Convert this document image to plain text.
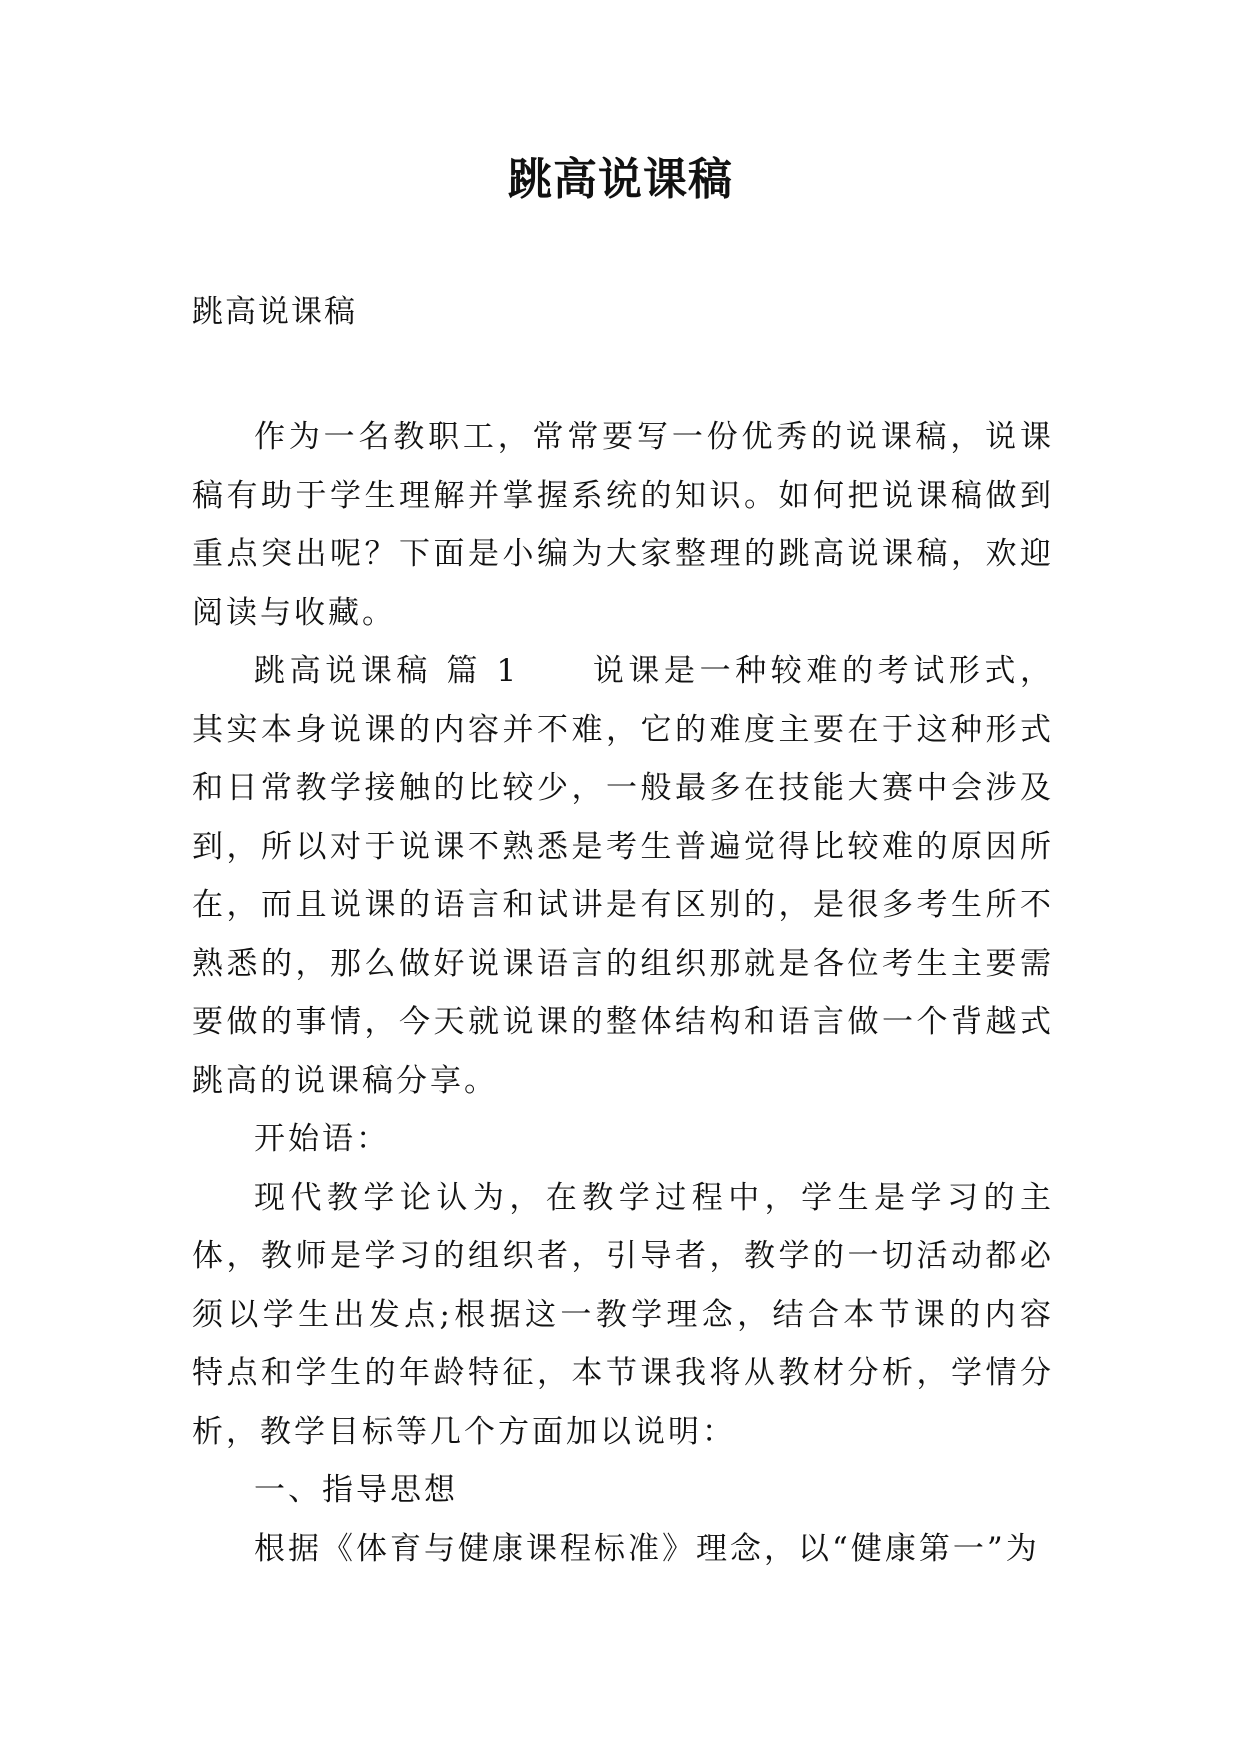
跳高说课稿
跳高说课稿

作为一名教职工，常常要写一份优秀的说课稿，说课稿有助于学生理解并掌握系统的知识。如何把说课稿做到重点突出呢？下面是小编为大家整理的跳高说课稿，欢迎阅读与收藏。

跳高说课稿 篇 1 说课是一种较难的考试形式，其实本身说课的内容并不难，它的难度主要在于这种形式和日常教学接触的比较少，一般最多在技能大赛中会涉及到，所以对于说课不熟悉是考生普遍觉得比较难的原因所在，而且说课的语言和试讲是有区别的，是很多考生所不熟悉的，那么做好说课语言的组织那就是各位考生主要需要做的事情，今天就说课的整体结构和语言做一个背越式跳高的说课稿分享。

开始语：

现代教学论认为，在教学过程中，学生是学习的主体，教师是学习的组织者，引导者，教学的一切活动都必须以学生出发点;根据这一教学理念，结合本节课的内容特点和学生的年龄特征，本节课我将从教材分析，学情分析，教学目标等几个方面加以说明：

一、指导思想

根据《体育与健康课程标准》理念，以“健康第一”为
